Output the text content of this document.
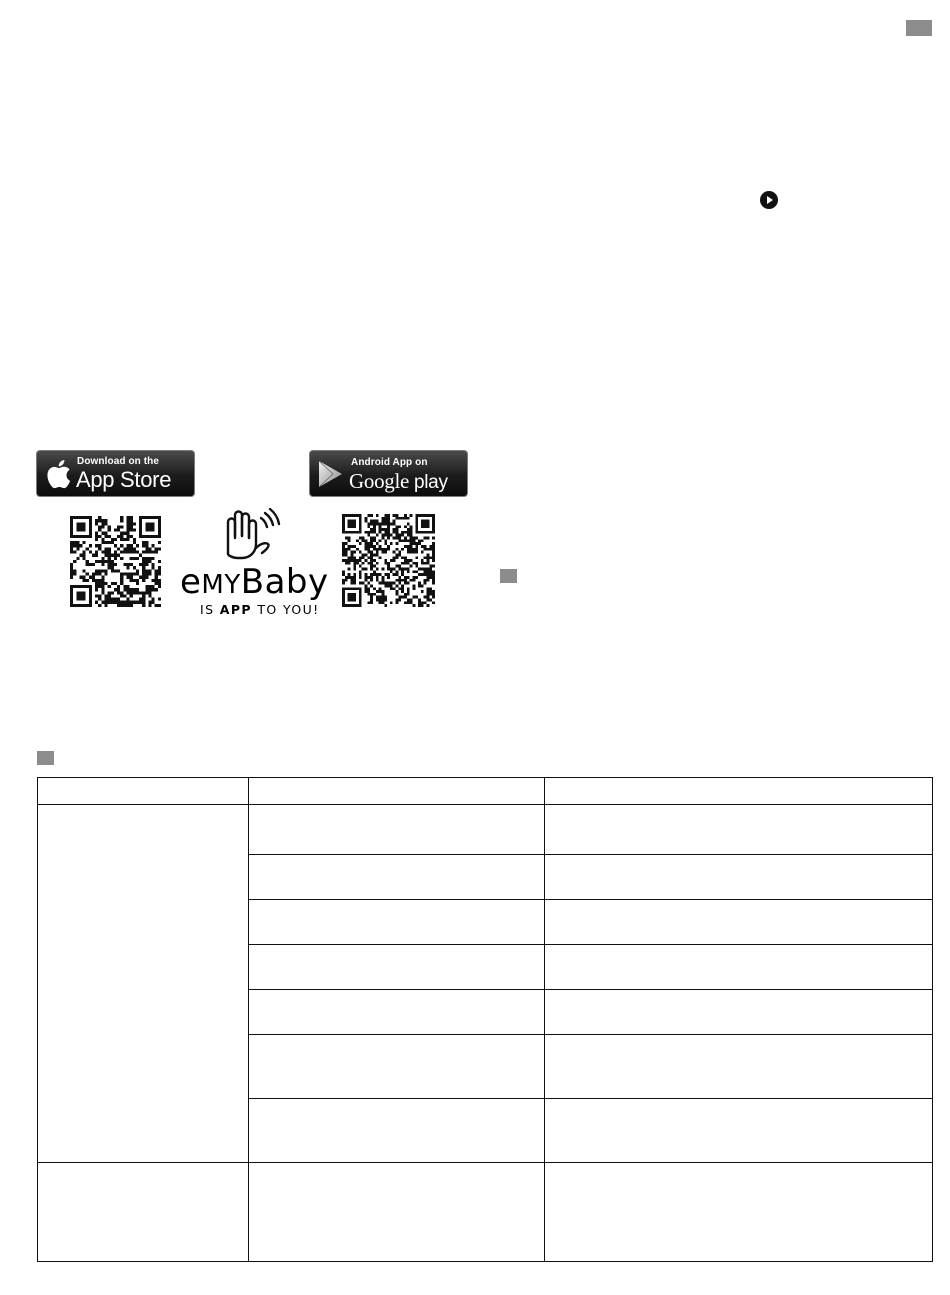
Download on the
App Store
Android App on
Google play
eMYBaby
IS APP TO YOU!
